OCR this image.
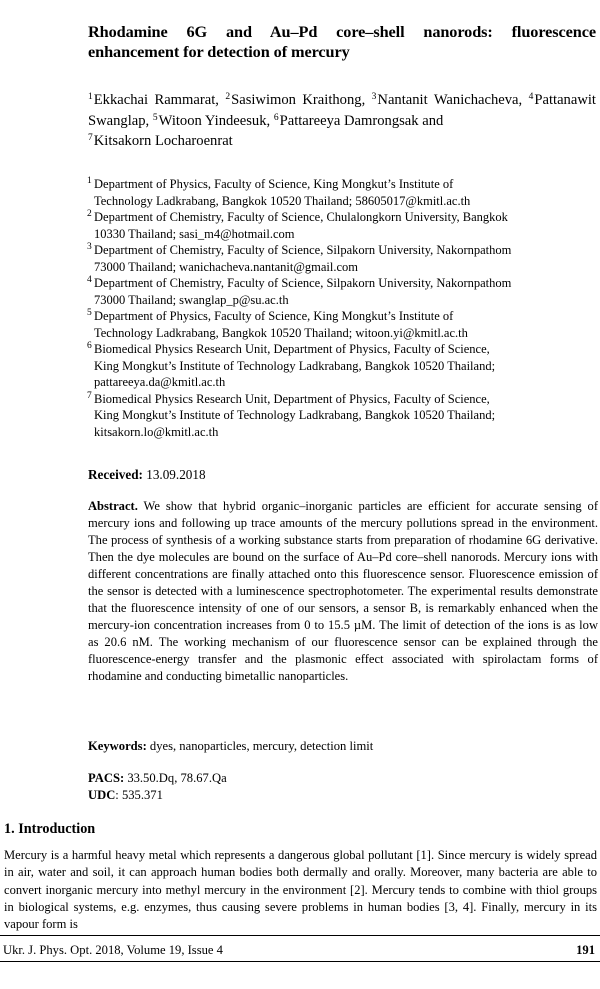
Rhodamine 6G and Au–Pd core–shell nanorods: fluorescence enhancement for detection of mercury
$^1$Ekkachai Rammarat, $^2$Sasiwimon Kraithong, $^3$Nantanit Wanichacheva, $^4$Pattanawit Swanglap, $^5$Witoon Yindeesuk, $^6$Pattareeya Damrongsak and
$^7$Kitsakorn Locharoenrat
1 Department of Physics, Faculty of Science, King Mongkut’s Institute of
Technology Ladkrabang, Bangkok 10520 Thailand; 58605017@kmitl.ac.th
2 Department of Chemistry, Faculty of Science, Chulalongkorn University, Bangkok
10330 Thailand; sasi_m4@hotmail.com
3 Department of Chemistry, Faculty of Science, Silpakorn University, Nakornpathom
73000 Thailand; wanichacheva.nantanit@gmail.com
4 Department of Chemistry, Faculty of Science, Silpakorn University, Nakornpathom
73000 Thailand; swanglap_p@su.ac.th
5 Department of Physics, Faculty of Science, King Mongkut’s Institute of
Technology Ladkrabang, Bangkok 10520 Thailand; witoon.yi@kmitl.ac.th
6 Biomedical Physics Research Unit, Department of Physics, Faculty of Science,
King Mongkut’s Institute of Technology Ladkrabang, Bangkok 10520 Thailand;
pattareeya.da@kmitl.ac.th
7 Biomedical Physics Research Unit, Department of Physics, Faculty of Science,
King Mongkut’s Institute of Technology Ladkrabang, Bangkok 10520 Thailand;
kitsakorn.lo@kmitl.ac.th
Received: 13.09.2018
Abstract. We show that hybrid organic–inorganic particles are efficient for accurate sensing of mercury ions and following up trace amounts of the mercury pollutions spread in the environment. The process of synthesis of a working substance starts from preparation of rhodamine 6G derivative. Then the dye molecules are bound on the surface of Au–Pd core–shell nanorods. Mercury ions with different concentrations are finally attached onto this fluorescence sensor. Fluorescence emission of the sensor is detected with a luminescence spectrophotometer. The experimental results demonstrate that the fluorescence intensity of one of our sensors, a sensor B, is remarkably enhanced when the mercury-ion concentration increases from 0 to 15.5 µM. The limit of detection of the ions is as low as 20.6 nM. The working mechanism of our fluorescence sensor can be explained through the fluorescence-energy transfer and the plasmonic effect associated with spirolactam forms of rhodamine and conducting bimetallic nanoparticles.
Keywords: dyes, nanoparticles, mercury, detection limit
PACS: 33.50.Dq, 78.67.Qa
UDC: 535.371
1. Introduction
Mercury is a harmful heavy metal which represents a dangerous global pollutant [1]. Since mercury is widely spread in air, water and soil, it can approach human bodies both dermally and orally. Moreover, many bacteria are able to convert inorganic mercury into methyl mercury in the environment [2]. Mercury tends to combine with thiol groups in biological systems, e.g. enzymes, thus causing severe problems in human bodies [3, 4]. Finally, mercury in its vapour form is
Ukr. J. Phys. Opt. 2018, Volume 19, Issue 4	191
